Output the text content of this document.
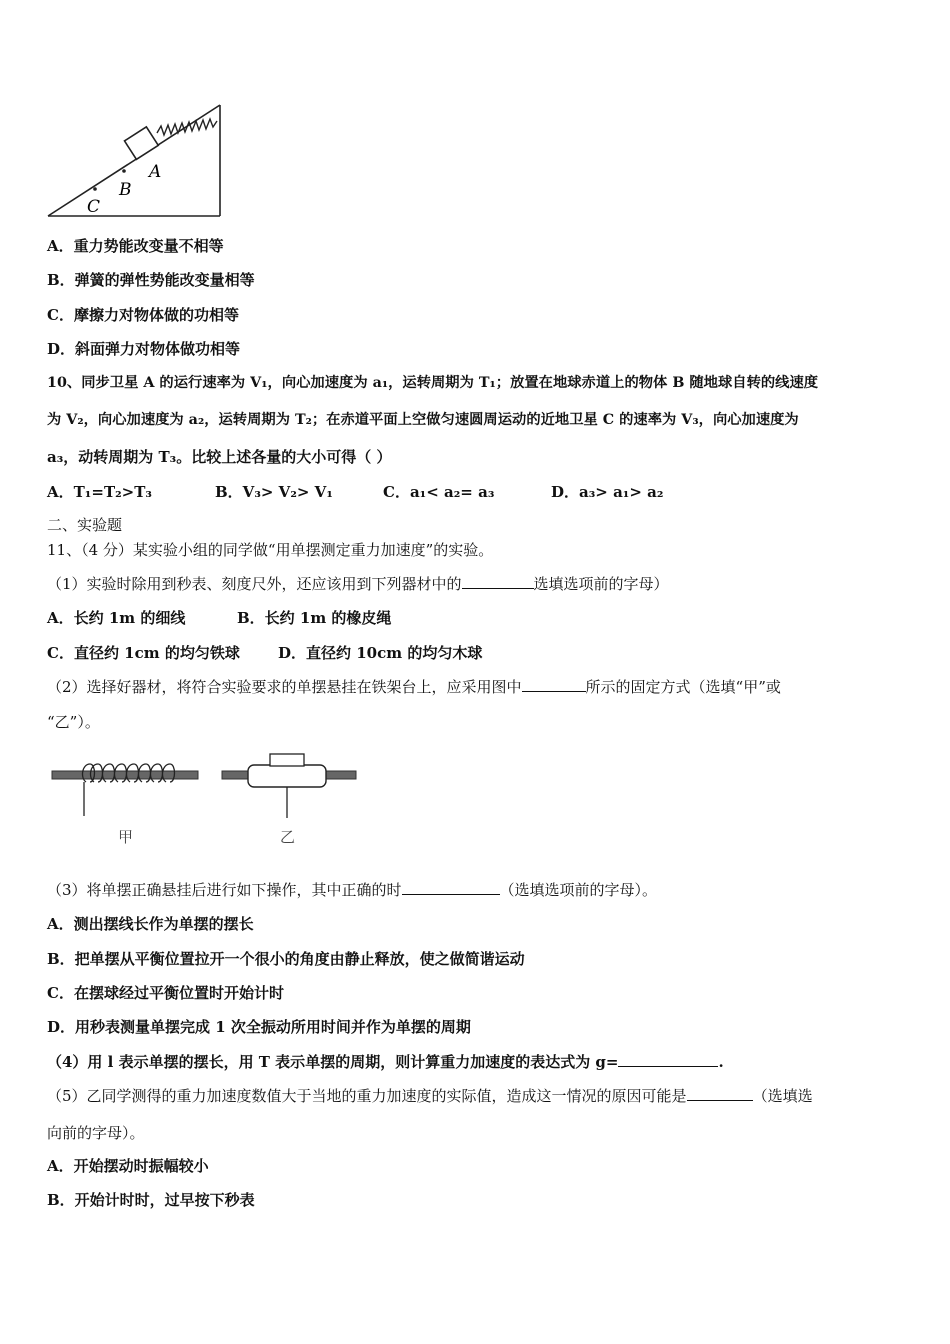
A
B
C
A．重力势能改变量不相等
B．弹簧的弹性势能改变量相等
C．摩擦力对物体做的功相等
D．斜面弹力对物体做功相等
10、同步卫星 A 的运行速率为 V₁，向心加速度为 a₁，运转周期为 T₁；放置在地球赤道上的物体 B 随地球自转的线速度
为 V₂，向心加速度为 a₂，运转周期为 T₂；在赤道平面上空做匀速圆周运动的近地卫星 C 的速率为 V₃，向心加速度为
a₃，动转周期为 T₃。比较上述各量的大小可得（ ）
A．T₁=T₂>T₃	B．V₃> V₂> V₁	C．a₁< a₂= a₃	D．a₃> a₁> a₂
二、实验题
11、（4 分）某实验小组的同学做“用单摆测定重力加速度”的实验。
（1）实验时除用到秒表、刻度尺外，还应该用到下列器材中的	选填选项前的字母）
A．长约 1m 的细线	B．长约 1m 的橡皮绳
C．直径约 1cm 的均匀铁球	D．直径约 10cm 的均匀木球
（2）选择好器材，将符合实验要求的单摆悬挂在铁架台上，应采用图中	所示的固定方式（选填“甲”或
“乙”）。
甲	乙
（3）将单摆正确悬挂后进行如下操作，其中正确的时	（选填选项前的字母）。
A．测出摆线长作为单摆的摆长
B．把单摆从平衡位置拉开一个很小的角度由静止释放，使之做简谐运动
C．在摆球经过平衡位置时开始计时
D．用秒表测量单摆完成 1 次全振动所用时间并作为单摆的周期
（4）用 l 表示单摆的摆长，用 T 表示单摆的周期，则计算重力加速度的表达式为 g=	.
（5）乙同学测得的重力加速度数值大于当地的重力加速度的实际值，造成这一情况的原因可能是	（选填选
向前的字母）。
A．开始摆动时振幅较小
B．开始计时时，过早按下秒表
